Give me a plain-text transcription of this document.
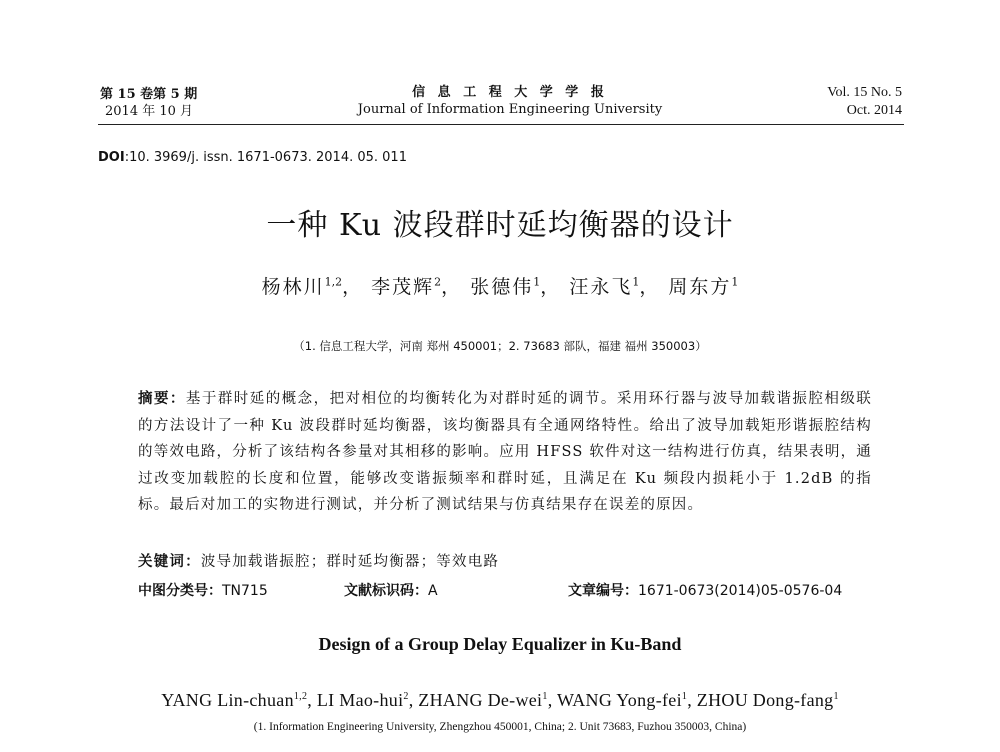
第 15 卷第 5 期
2014 年 10 月
信 息 工 程 大 学 学 报
Journal of Information Engineering University
Vol. 15 No. 5
Oct. 2014
DOI:10. 3969/j. issn. 1671-0673. 2014. 05. 011
一种 Ku 波段群时延均衡器的设计
杨林川$^{1,2}$， 李茂辉$^2$， 张德伟$^1$， 汪永飞$^1$， 周东方$^1$
（1. 信息工程大学，河南 郑州 450001；2. 73683 部队，福建 福州 350003）
摘要：基于群时延的概念，把对相位的均衡转化为对群时延的调节。采用环行器与波导加载谐振腔相级联的方法设计了一种 Ku 波段群时延均衡器，该均衡器具有全通网络特性。给出了波导加载矩形谐振腔结构的等效电路，分析了该结构各参量对其相移的影响。应用 HFSS 软件对这一结构进行仿真，结果表明，通过改变加载腔的长度和位置，能够改变谐振频率和群时延，且满足在 Ku 频段内损耗小于 1.2dB 的指标。最后对加工的实物进行测试，并分析了测试结果与仿真结果存在误差的原因。
关键词：波导加载谐振腔；群时延均衡器；等效电路
中图分类号：TN715	文献标识码：A	文章编号：1671-0673(2014)05-0576-04
Design of a Group Delay Equalizer in Ku-Band
YANG Lin-chuan$^{1,2}$, LI Mao-hui$^2$, ZHANG De-wei$^1$, WANG Yong-fei$^1$, ZHOU Dong-fang$^1$
(1. Information Engineering University, Zhengzhou 450001, China; 2. Unit 73683, Fuzhou 350003, China)
